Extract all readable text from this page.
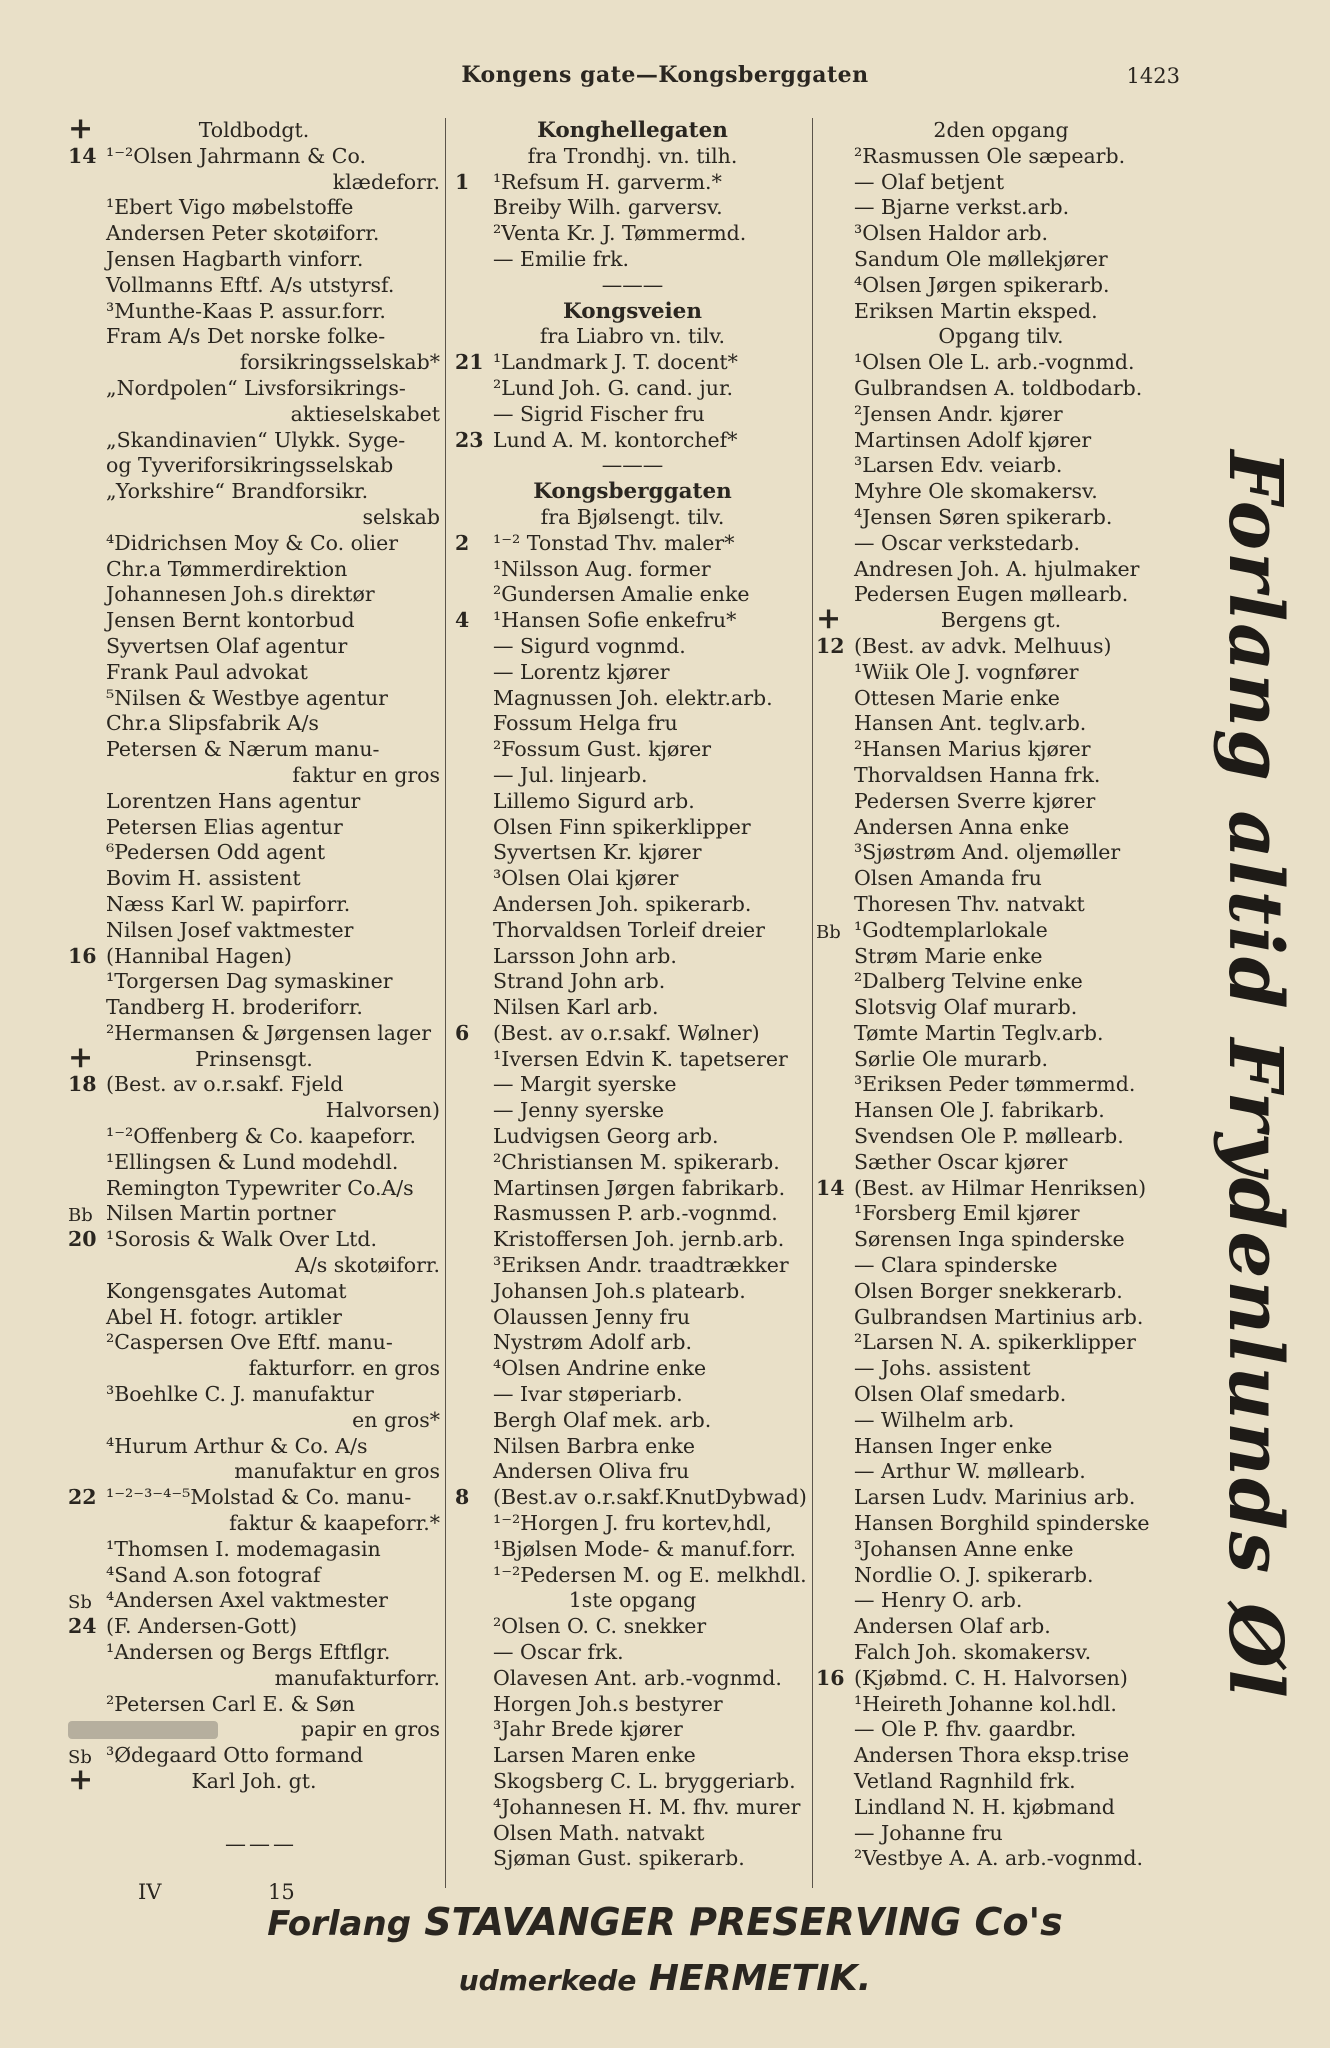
Kongens gate—Kongsberggaten	1423
+	Toldbodgt.
14 ¹⁻²Olsen Jahrmann & Co.
klædeforr.
¹Ebert Vigo møbelstoffe
Andersen Peter skotøiforr.
Jensen Hagbarth vinforr.
Vollmanns Eftf. A/s utstyrsf.
³Munthe-Kaas P. assur.forr.
Fram A/s Det norske folke-
forsikringsselskab*
„Nordpolen“ Livsforsikrings-
aktieselskabet
„Skandinavien“ Ulykk. Syge-
og Tyveriforsikringsselskab
„Yorkshire“ Brandforsikr.
selskab
⁴Didrichsen Moy & Co. olier
Chr.a Tømmerdirektion
Johannesen Joh.s direktør
Jensen Bernt kontorbud
Syvertsen Olaf agentur
Frank Paul advokat
⁵Nilsen & Westbye agentur
Chr.a Slipsfabrik A/s
Petersen & Nærum manu-
faktur en gros
Lorentzen Hans agentur
Petersen Elias agentur
⁶Pedersen Odd agent
Bovim H. assistent
Næss Karl W. papirforr.
Nilsen Josef vaktmester
16 (Hannibal Hagen)
¹Torgersen Dag symaskiner
Tandberg H. broderiforr.
²Hermansen & Jørgensen lager
+	Prinsensgt.
18 (Best. av o.r.sakf. Fjeld
Halvorsen)
¹⁻²Offenberg & Co. kaapeforr.
¹Ellingsen & Lund modehdl.
Remington Typewriter Co.A/s
Bb Nilsen Martin portner
20 ¹Sorosis & Walk Over Ltd.
A/s skotøiforr.
Kongensgates Automat
Abel H. fotogr. artikler
²Caspersen Ove Eftf. manu-
fakturforr. en gros
³Boehlke C. J. manufaktur
en gros*
⁴Hurum Arthur & Co. A/s
manufaktur en gros
22 ¹⁻²⁻³⁻⁴⁻⁵Molstad & Co. manu-
faktur & kaapeforr.*
¹Thomsen I. modemagasin
⁴Sand A.son fotograf
Sb ⁴Andersen Axel vaktmester
24 (F. Andersen-Gott)
¹Andersen og Bergs Eftflgr.
manufakturforr.
²Petersen Carl E. & Søn
papir en gros
Sb ³Ødegaard Otto formand
+	Karl Joh. gt.
Konghellegaten
fra Trondhj. vn. tilh.
1 ¹Refsum H. garverm.*
Breiby Wilh. garversv.
²Venta Kr. J. Tømmermd.
— Emilie frk.
———
Kongsveien
fra Liabro vn. tilv.
21 ¹Landmark J. T. docent*
²Lund Joh. G. cand. jur.
— Sigrid Fischer fru
23 Lund A. M. kontorchef*
———
Kongsberggaten
fra Bjølsengt. tilv.
2 ¹⁻² Tonstad Thv. maler*
¹Nilsson Aug. former
²Gundersen Amalie enke
4 ¹Hansen Sofie enkefru*
— Sigurd vognmd.
— Lorentz kjører
Magnussen Joh. elektr.arb.
Fossum Helga fru
²Fossum Gust. kjører
— Jul. linjearb.
Lillemo Sigurd arb.
Olsen Finn spikerklipper
Syvertsen Kr. kjører
³Olsen Olai kjører
Andersen Joh. spikerarb.
Thorvaldsen Torleif dreier
Larsson John arb.
Strand John arb.
Nilsen Karl arb.
6 (Best. av o.r.sakf. Wølner)
¹Iversen Edvin K. tapetserer
— Margit syerske
— Jenny syerske
Ludvigsen Georg arb.
²Christiansen M. spikerarb.
Martinsen Jørgen fabrikarb.
Rasmussen P. arb.-vognmd.
Kristoffersen Joh. jernb.arb.
³Eriksen Andr. traadtrækker
Johansen Joh.s platearb.
Olaussen Jenny fru
Nystrøm Adolf arb.
⁴Olsen Andrine enke
— Ivar støperiarb.
Bergh Olaf mek. arb.
Nilsen Barbra enke
Andersen Oliva fru
8 (Best.av o.r.sakf.KnutDybwad)
¹⁻²Horgen J. fru kortev,hdl,
¹Bjølsen Mode- & manuf.forr.
¹⁻²Pedersen M. og E. melkhdl.
1ste opgang
²Olsen O. C. snekker
— Oscar frk.
Olavesen Ant. arb.-vognmd.
Horgen Joh.s bestyrer
³Jahr Brede kjører
Larsen Maren enke
Skogsberg C. L. bryggeriarb.
⁴Johannesen H. M. fhv. murer
Olsen Math. natvakt
Sjøman Gust. spikerarb.
2den opgang
²Rasmussen Ole sæpearb.
— Olaf betjent
— Bjarne verkst.arb.
³Olsen Haldor arb.
Sandum Ole møllekjører
⁴Olsen Jørgen spikerarb.
Eriksen Martin eksped.
Opgang tilv.
¹Olsen Ole L. arb.-vognmd.
Gulbrandsen A. toldbodarb.
²Jensen Andr. kjører
Martinsen Adolf kjører
³Larsen Edv. veiarb.
Myhre Ole skomakersv.
⁴Jensen Søren spikerarb.
— Oscar verkstedarb.
Andresen Joh. A. hjulmaker
Pedersen Eugen møllearb.
+	Bergens gt.
12 (Best. av advk. Melhuus)
¹Wiik Ole J. vognfører
Ottesen Marie enke
Hansen Ant. teglv.arb.
²Hansen Marius kjører
Thorvaldsen Hanna frk.
Pedersen Sverre kjører
Andersen Anna enke
³Sjøstrøm And. oljemøller
Olsen Amanda fru
Thoresen Thv. natvakt
Bb ¹Godtemplarlokale
Strøm Marie enke
²Dalberg Telvine enke
Slotsvig Olaf murarb.
Tømte Martin Teglv.arb.
Sørlie Ole murarb.
³Eriksen Peder tømmermd.
Hansen Ole J. fabrikarb.
Svendsen Ole P. møllearb.
Sæther Oscar kjører
14 (Best. av Hilmar Henriksen)
¹Forsberg Emil kjører
Sørensen Inga spinderske
— Clara spinderske
Olsen Borger snekkerarb.
Gulbrandsen Martinius arb.
²Larsen N. A. spikerklipper
— Johs. assistent
Olsen Olaf smedarb.
— Wilhelm arb.
Hansen Inger enke
— Arthur W. møllearb.
Larsen Ludv. Marinius arb.
Hansen Borghild spinderske
³Johansen Anne enke
Nordlie O. J. spikerarb.
— Henry O. arb.
Andersen Olaf arb.
Falch Joh. skomakersv.
16 (Kjøbmd. C. H. Halvorsen)
¹Heireth Johanne kol.hdl.
— Ole P. fhv. gaardbr.
Andersen Thora eksp.trise
Vetland Ragnhild frk.
Lindland N. H. kjøbmand
— Johanne fru
²Vestbye A. A. arb.-vognmd.
Forlang altid Frydenlunds Øl
———
IV	15
Forlang STAVANGER PRESERVING Co's
udmerkede HERMETIK.
